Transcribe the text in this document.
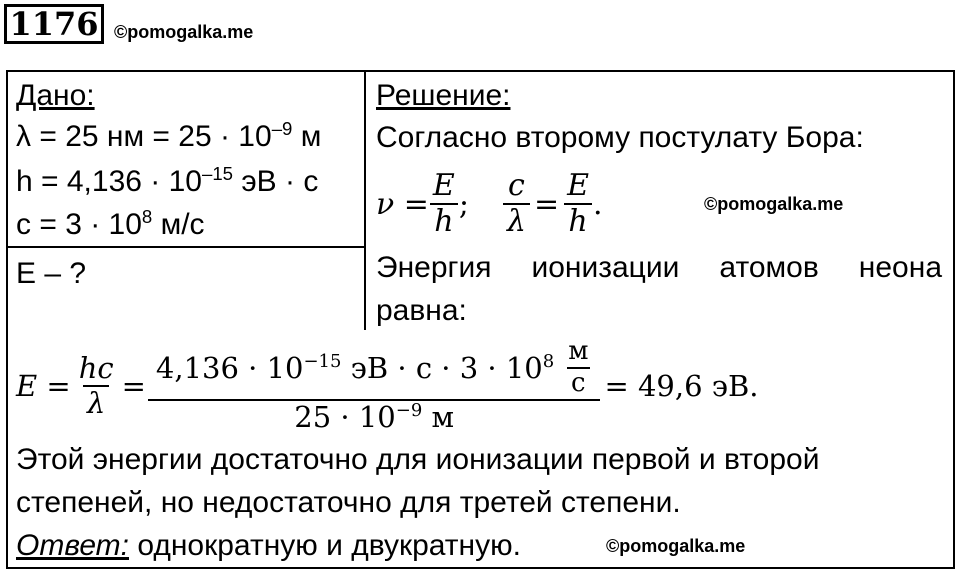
1176 ©pomogalka.me
Дано:
λ = 25 нм = $25 \cdot 10^{-9}$ м
$h = 4,136 \cdot 10^{-15}$ эВ · с
$c = 3 \cdot 10^8$ м/с
E – ?
Решение:
Согласно второму постулату Бора:
$\nu = \frac{E}{h}$ ; $\frac{c}{\lambda} = \frac{E}{h}$ .	©pomogalka.me
Энергия ионизации атомов неона
равна:
$E = \frac{hc}{\lambda} = \frac{4,136 \cdot 10^{-15} эВ \cdot с \cdot 3 \cdot 10^8 \frac{м}{с}}{25 \cdot 10^{-9} м} = 49,6$ эВ.
Этой энергии достаточно для ионизации первой и второй
степеней, но недостаточно для третей степени.
Ответ: однократную и двукратную.	©pomogalka.me
